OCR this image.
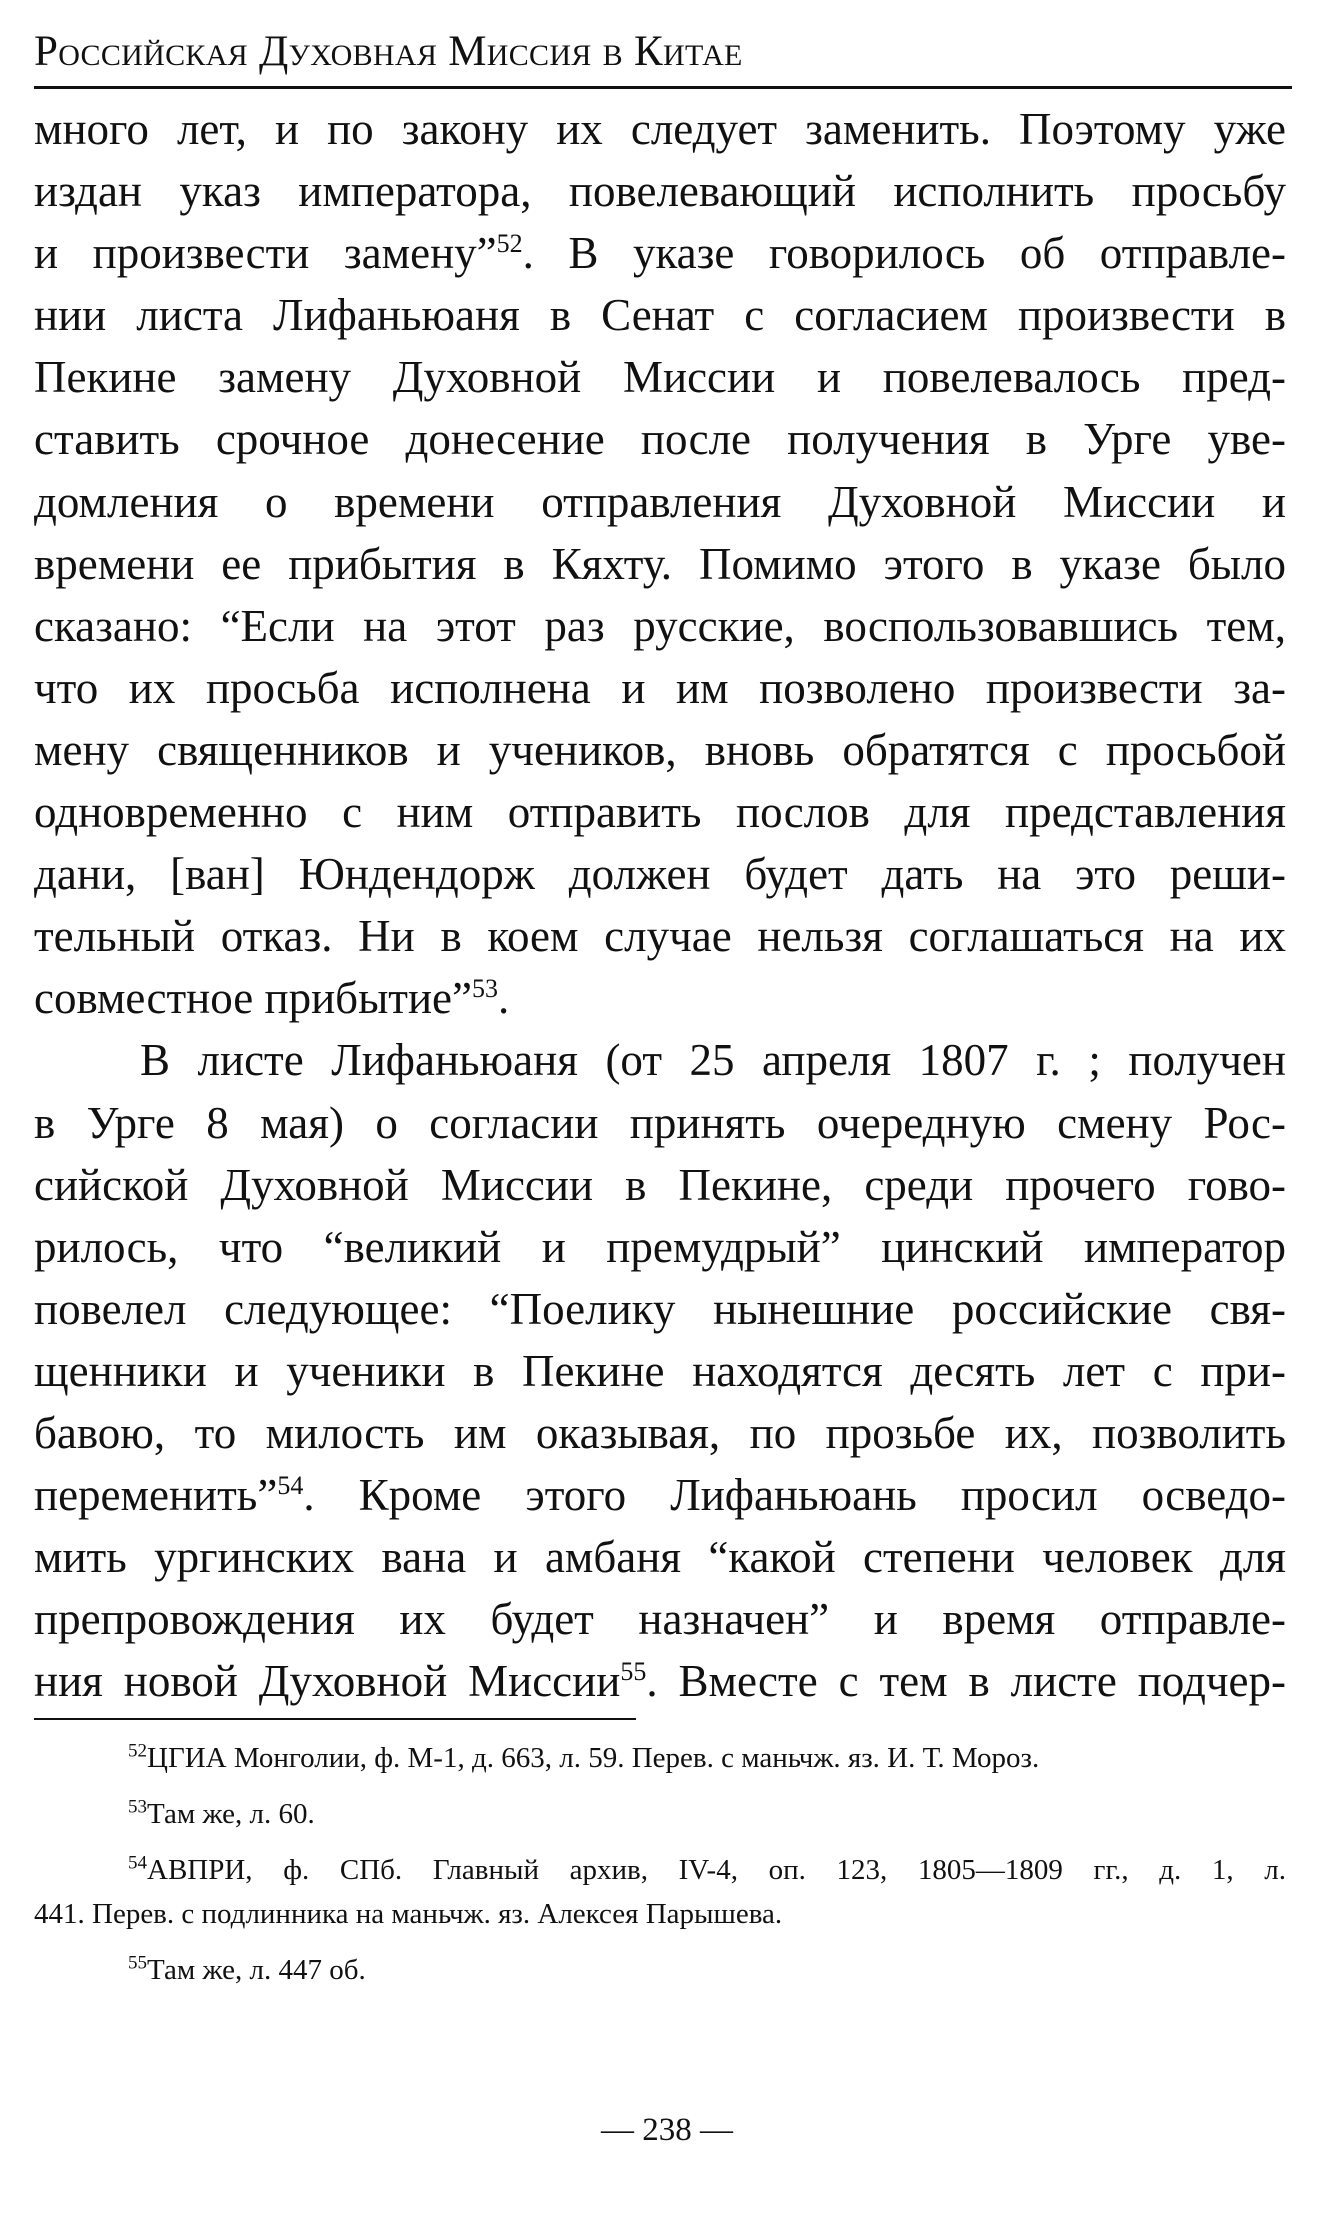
Российская Духовная Миссия в Китае
много лет, и по закону их следует заменить. Поэтому уже
издан указ императора, повелевающий исполнить просьбу
и произвести замену”$^{52}$. В указе говорилось об отправле-
нии листа Лифаньюаня в Сенат с согласием произвести в
Пекине замену Духовной Миссии и повелевалось пред-
ставить срочное донесение после получения в Урге уве-
домления о времени отправления Духовной Миссии и
времени ее прибытия в Кяхту. Помимо этого в указе было
сказано: “Если на этот раз русские, воспользовавшись тем,
что их просьба исполнена и им позволено произвести за-
мену священников и учеников, вновь обратятся с просьбой
одновременно с ним отправить послов для представления
дани, [ван] Юндендорж должен будет дать на это реши-
тельный отказ. Ни в коем случае нельзя соглашаться на их
совместное прибытие”$^{53}$.
В листе Лифаньюаня (от 25 апреля 1807 г. ; получен
в Урге 8 мая) о согласии принять очередную смену Рос-
сийской Духовной Миссии в Пекине, среди прочего гово-
рилось, что “великий и премудрый” цинский император
повелел следующее: “Поелику нынешние российские свя-
щенники и ученики в Пекине находятся десять лет с при-
бавою, то милость им оказывая, по прозьбе их, позволить
переменить”$^{54}$. Кроме этого Лифаньюань просил осведо-
мить ургинских вана и амбаня “какой степени человек для
препровождения их будет назначен” и время отправле-
ния новой Духовной Миссии$^{55}$. Вместе с тем в листе подчер-
$^{52}$ЦГИА Монголии, ф. М-1, д. 663, л. 59. Перев. с маньчж. яз. И. Т. Мороз.
$^{53}$Там же, л. 60.
$^{54}$АВПРИ, ф. СПб. Главный архив, IV-4, оп. 123, 1805—1809 гг., д. 1, л.
441. Перев. с подлинника на маньчж. яз. Алексея Парышева.
$^{55}$Там же, л. 447 об.
— 238 —
